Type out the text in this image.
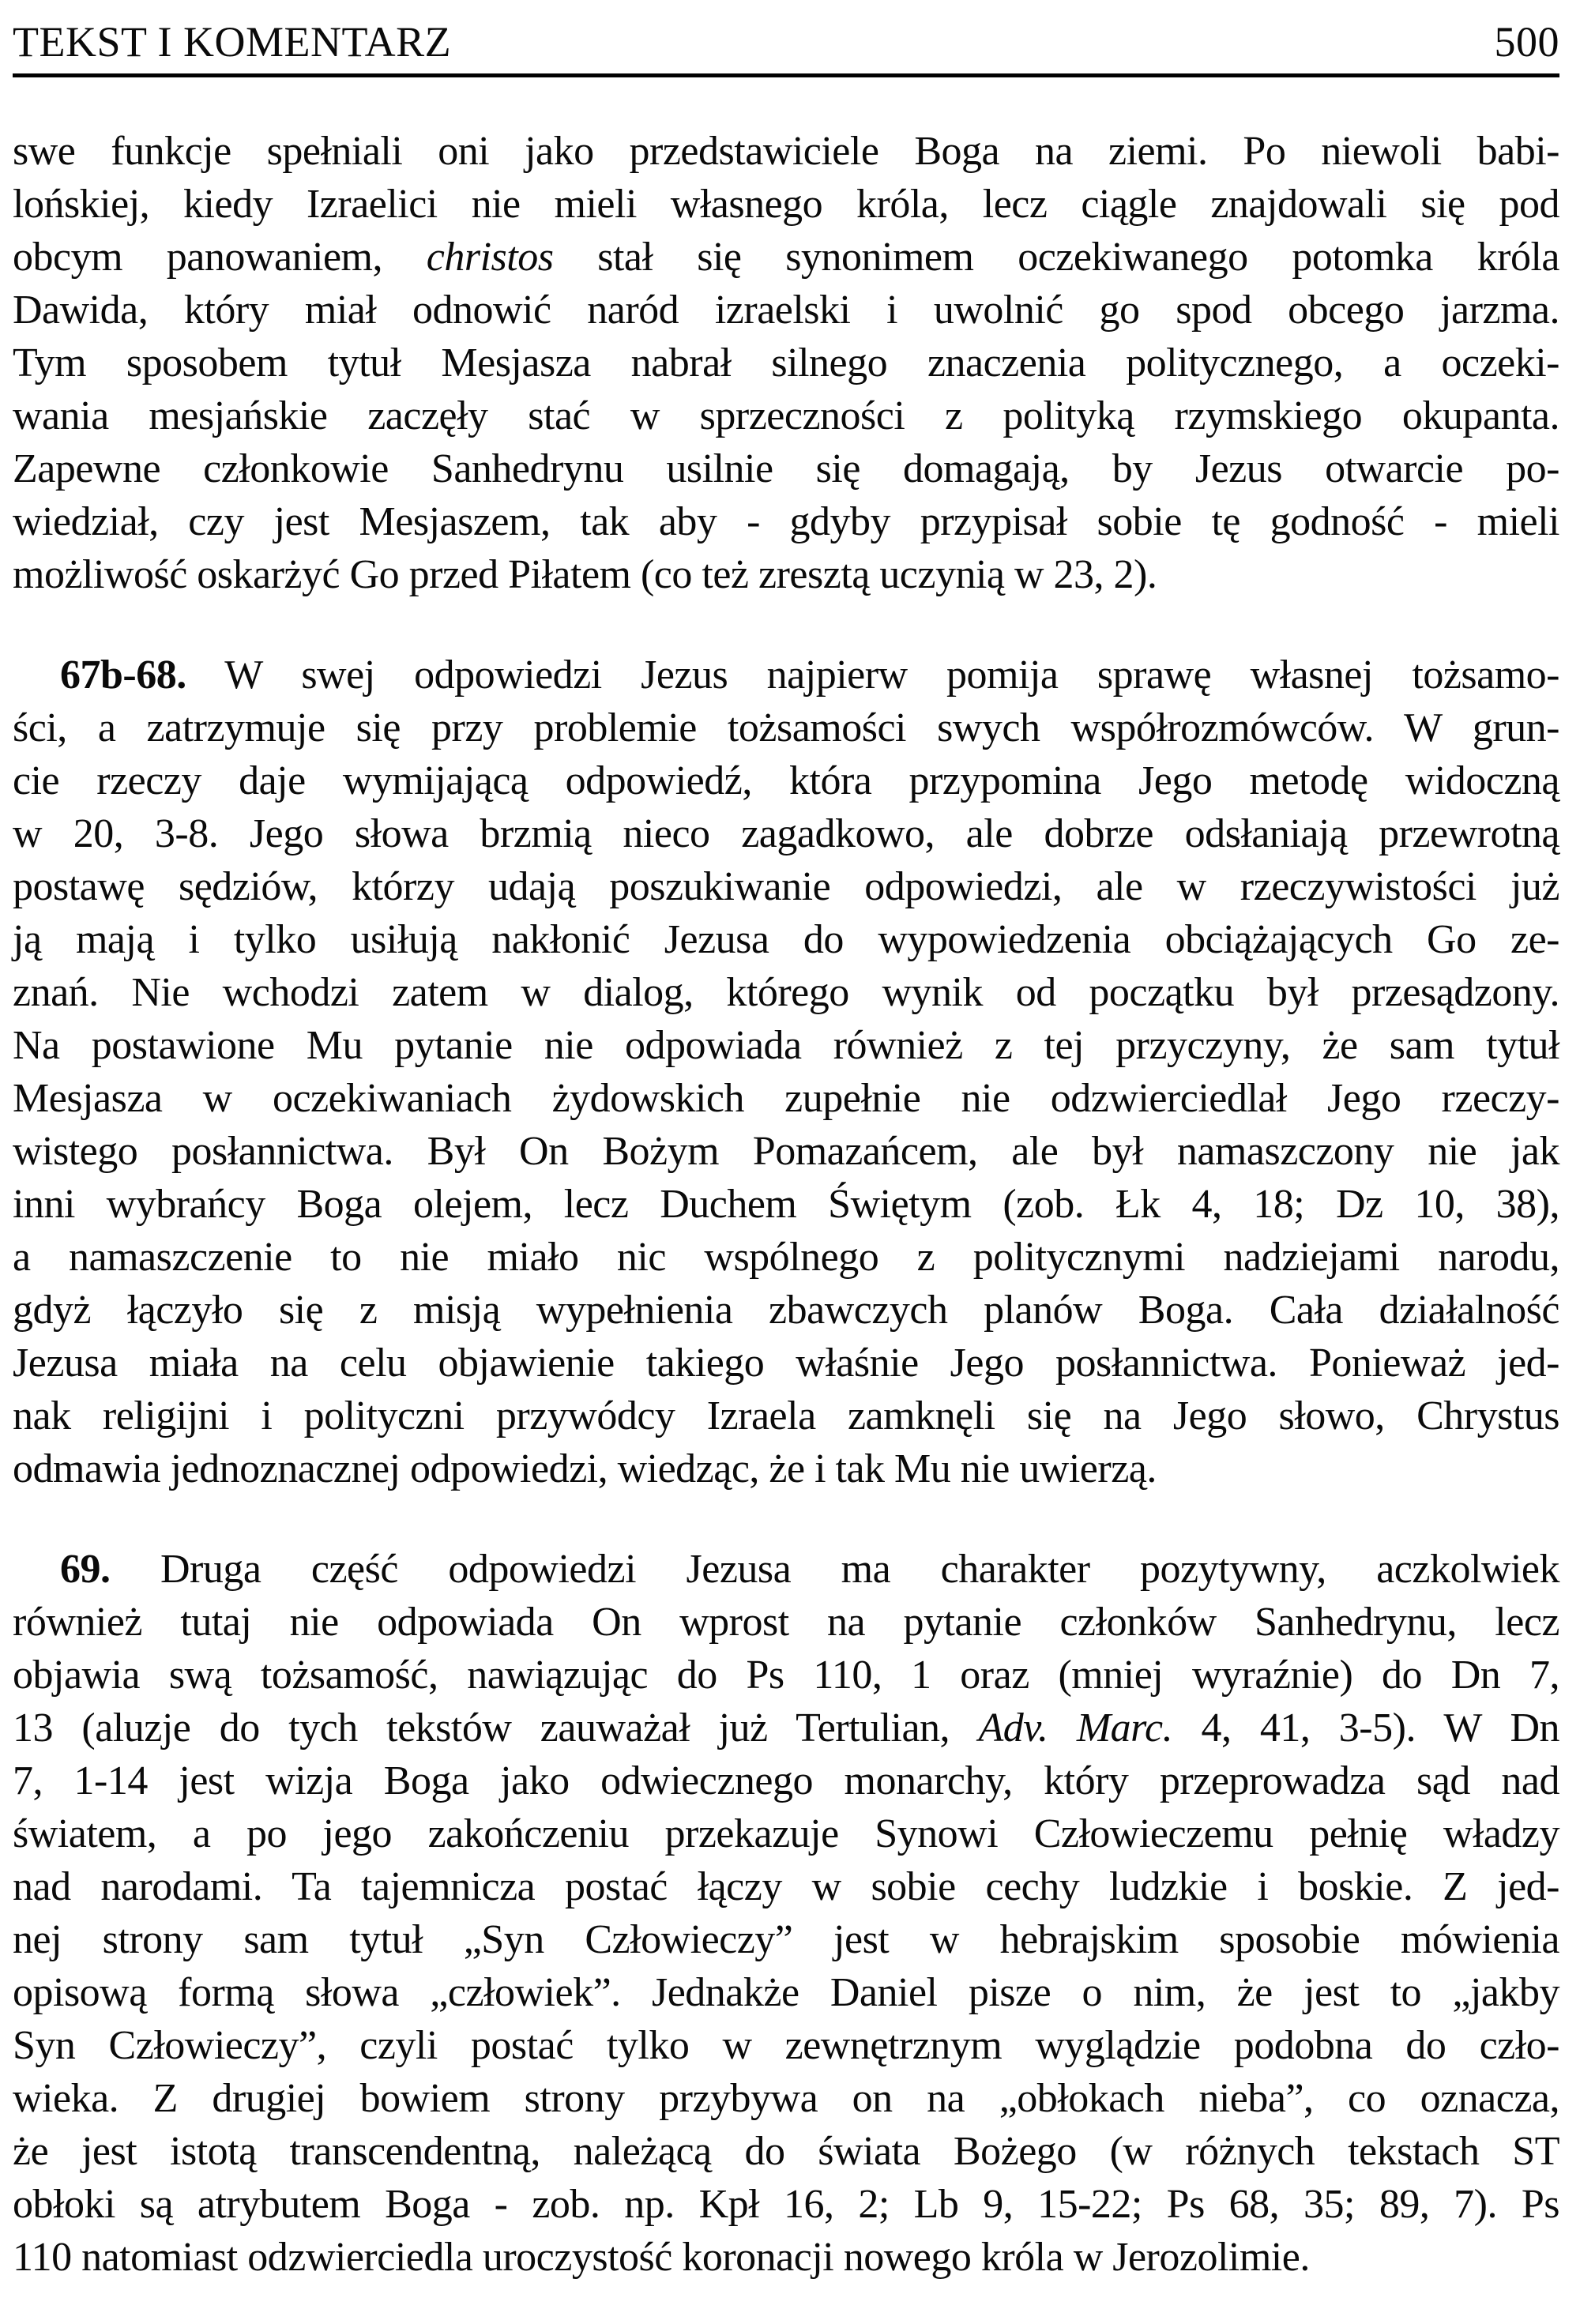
TEKST I KOMENTARZ	500
swe funkcje spełniali oni jako przedstawiciele Boga na ziemi. Po niewoli babi-
lońskiej, kiedy Izraelici nie mieli własnego króla, lecz ciągle znajdowali się pod
obcym panowaniem, christos stał się synonimem oczekiwanego potomka króla
Dawida, który miał odnowić naród izraelski i uwolnić go spod obcego jarzma.
Tym sposobem tytuł Mesjasza nabrał silnego znaczenia politycznego, a oczeki-
wania mesjańskie zaczęły stać w sprzeczności z polityką rzymskiego okupanta.
Zapewne członkowie Sanhedrynu usilnie się domagają, by Jezus otwarcie po-
wiedział, czy jest Mesjaszem, tak aby - gdyby przypisał sobie tę godność - mieli
możliwość oskarżyć Go przed Piłatem (co też zresztą uczynią w 23, 2).
67b-68. W swej odpowiedzi Jezus najpierw pomija sprawę własnej tożsamo-
ści, a zatrzymuje się przy problemie tożsamości swych współrozmówców. W grun-
cie rzeczy daje wymijającą odpowiedź, która przypomina Jego metodę widoczną
w 20, 3-8. Jego słowa brzmią nieco zagadkowo, ale dobrze odsłaniają przewrotną
postawę sędziów, którzy udają poszukiwanie odpowiedzi, ale w rzeczywistości już
ją mają i tylko usiłują nakłonić Jezusa do wypowiedzenia obciążających Go ze-
znań. Nie wchodzi zatem w dialog, którego wynik od początku był przesądzony.
Na postawione Mu pytanie nie odpowiada również z tej przyczyny, że sam tytuł
Mesjasza w oczekiwaniach żydowskich zupełnie nie odzwierciedlał Jego rzeczy-
wistego posłannictwa. Był On Bożym Pomazańcem, ale był namaszczony nie jak
inni wybrańcy Boga olejem, lecz Duchem Świętym (zob. Łk 4, 18; Dz 10, 38),
a namaszczenie to nie miało nic wspólnego z politycznymi nadziejami narodu,
gdyż łączyło się z misją wypełnienia zbawczych planów Boga. Cała działalność
Jezusa miała na celu objawienie takiego właśnie Jego posłannictwa. Ponieważ jed-
nak religijni i polityczni przywódcy Izraela zamknęli się na Jego słowo, Chrystus
odmawia jednoznacznej odpowiedzi, wiedząc, że i tak Mu nie uwierzą.
69. Druga część odpowiedzi Jezusa ma charakter pozytywny, aczkolwiek
również tutaj nie odpowiada On wprost na pytanie członków Sanhedrynu, lecz
objawia swą tożsamość, nawiązując do Ps 110, 1 oraz (mniej wyraźnie) do Dn 7,
13 (aluzje do tych tekstów zauważał już Tertulian, Adv. Marc. 4, 41, 3-5). W Dn
7, 1-14 jest wizja Boga jako odwiecznego monarchy, który przeprowadza sąd nad
światem, a po jego zakończeniu przekazuje Synowi Człowieczemu pełnię władzy
nad narodami. Ta tajemnicza postać łączy w sobie cechy ludzkie i boskie. Z jed-
nej strony sam tytuł „Syn Człowieczy” jest w hebrajskim sposobie mówienia
opisową formą słowa „człowiek”. Jednakże Daniel pisze o nim, że jest to „jakby
Syn Człowieczy”, czyli postać tylko w zewnętrznym wyglądzie podobna do czło-
wieka. Z drugiej bowiem strony przybywa on na „obłokach nieba”, co oznacza,
że jest istotą transcendentną, należącą do świata Bożego (w różnych tekstach ST
obłoki są atrybutem Boga - zob. np. Kpł 16, 2; Lb 9, 15-22; Ps 68, 35; 89, 7). Ps
110 natomiast odzwierciedla uroczystość koronacji nowego króla w Jerozolimie.
